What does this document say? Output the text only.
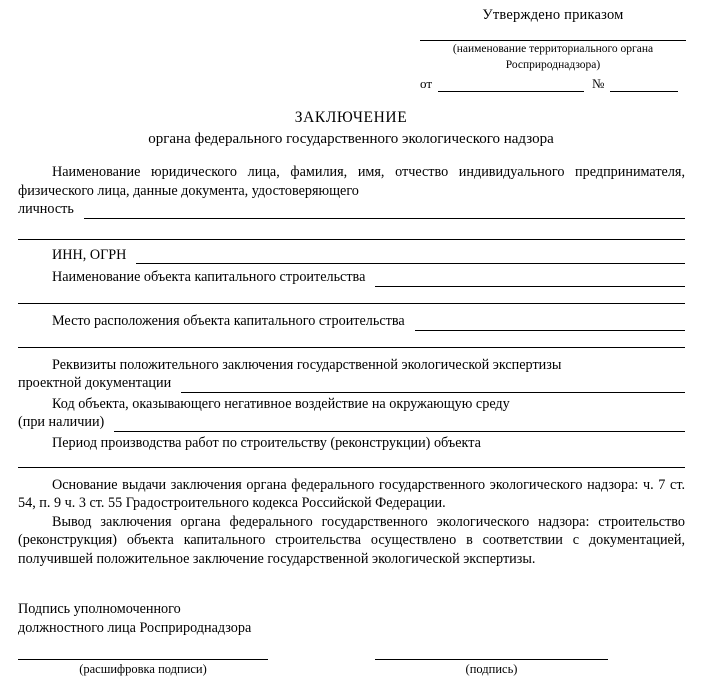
Утверждено приказом
(наименование территориального органа
Росприроднадзора)
от	№
ЗАКЛЮЧЕНИЕ
органа федерального государственного экологического надзора

Наименование юридического лица, фамилия, имя, отчество индивидуального предпринимателя, физического лица, данные документа, удостоверяющего

личность
ИНН, ОГРН
Наименование объекта капитального строительства
Место расположения объекта капитального строительства

Реквизиты положительного заключения государственной экологической экспертизы

проектной документации

Код объекта, оказывающего негативное воздействие на окружающую среду

(при наличии)

Период производства работ по строительству (реконструкции) объекта

Основание выдачи заключения органа федерального государственного экологического надзора: ч. 7 ст. 54, п. 9 ч. 3 ст. 55 Градостроительного кодекса Российской Федерации.

Вывод заключения органа федерального государственного экологического надзора: строительство (реконструкция) объекта капитального строительства осуществлено в соответствии с документацией, получившей положительное заключение государственной экологической экспертизы.

Подпись уполномоченного
должностного лица Росприроднадзора
(расшифровка подписи)	(подпись)
